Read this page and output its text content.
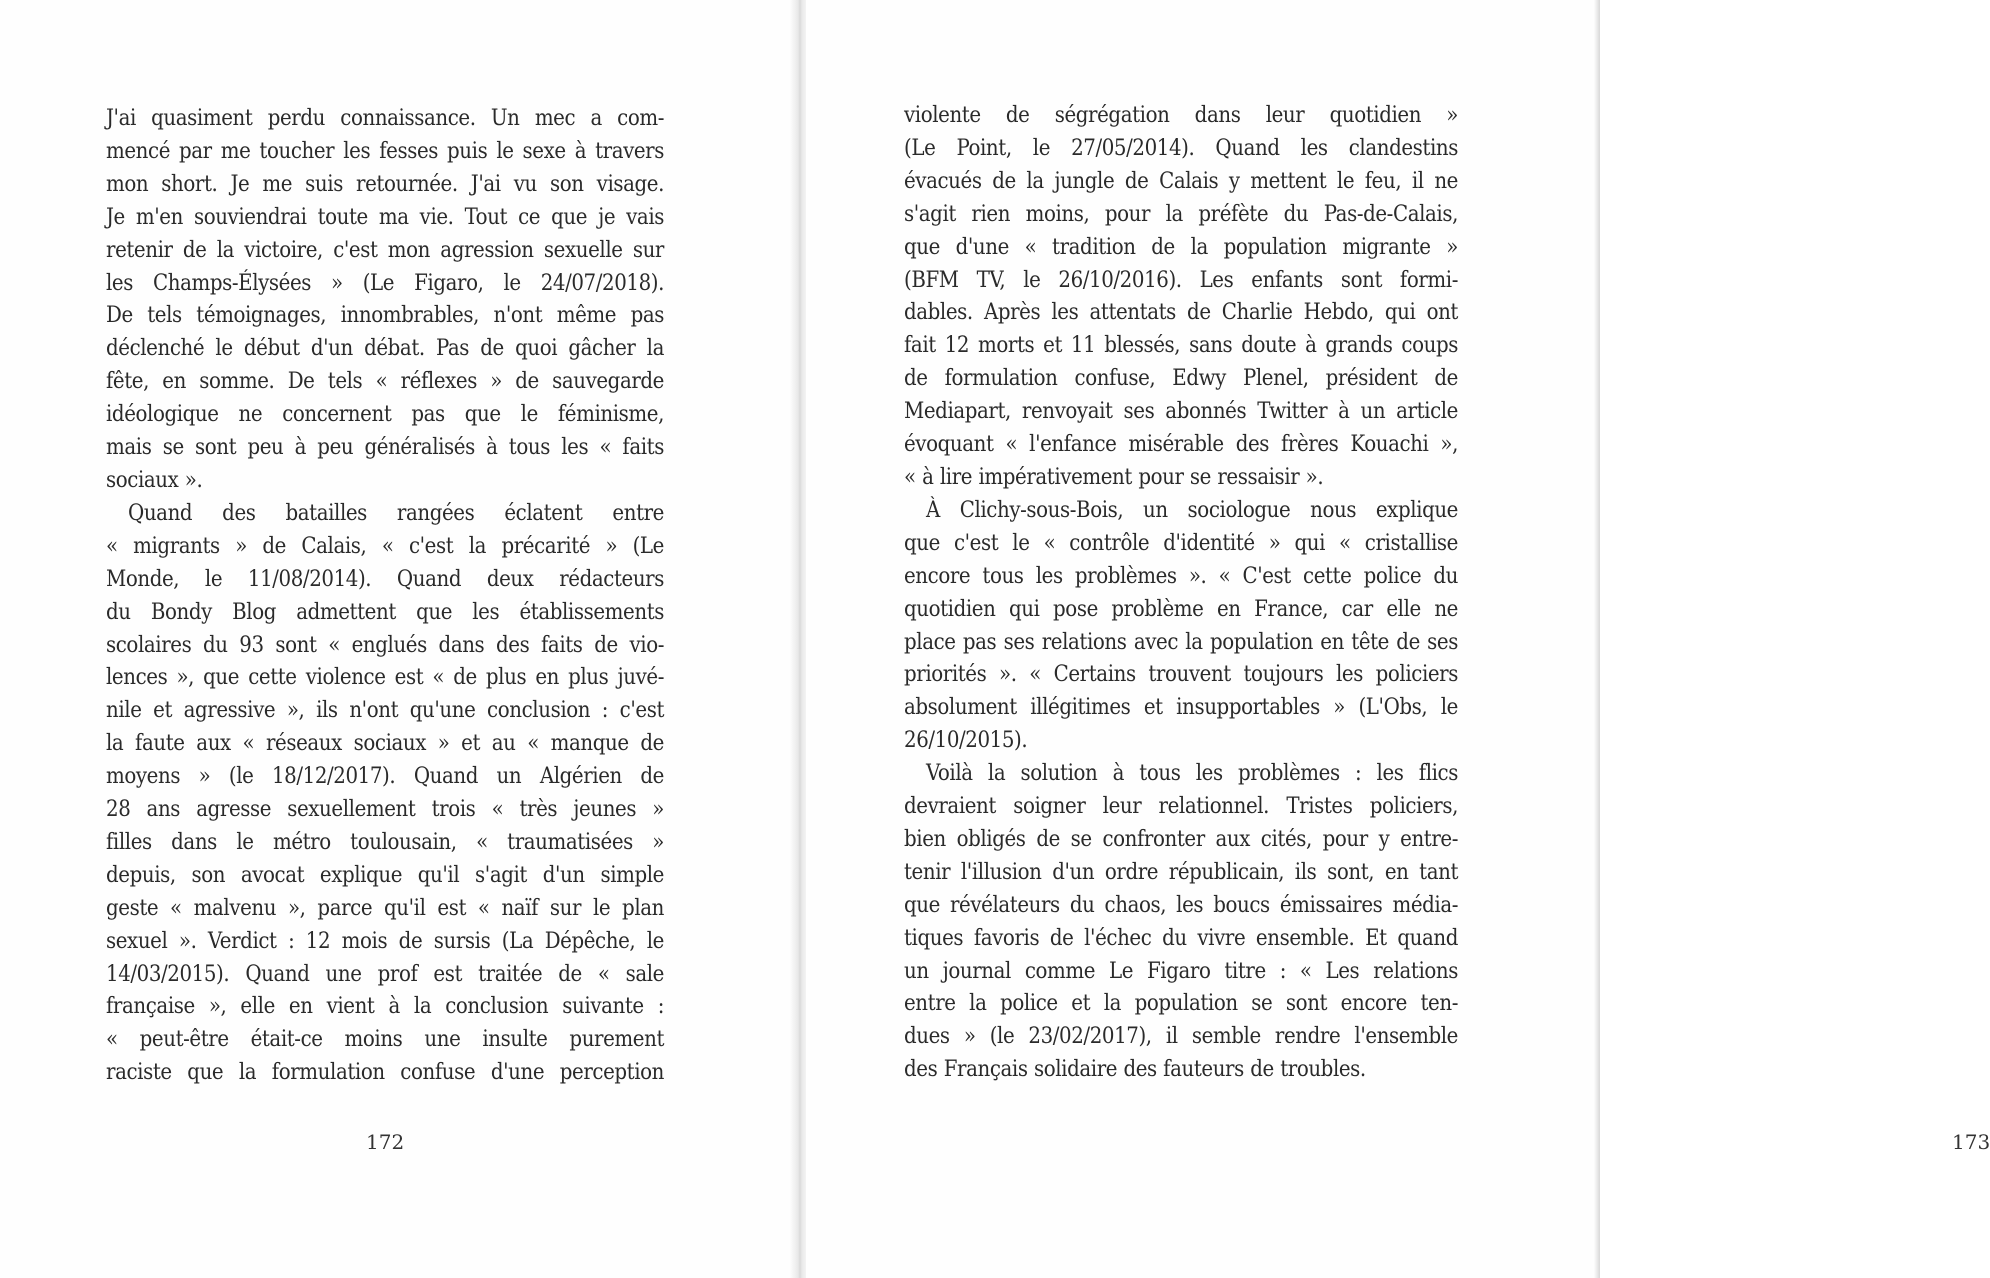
J'ai quasiment perdu connaissance. Un mec a com-
mencé par me toucher les fesses puis le sexe à travers
mon short. Je me suis retournée. J'ai vu son visage.
Je m'en souviendrai toute ma vie. Tout ce que je vais
retenir de la victoire, c'est mon agression sexuelle sur
les Champs-Élysées » (Le Figaro, le 24/07/2018).
De tels témoignages, innombrables, n'ont même pas
déclenché le début d'un débat. Pas de quoi gâcher la
fête, en somme. De tels « réflexes » de sauvegarde
idéologique ne concernent pas que le féminisme,
mais se sont peu à peu généralisés à tous les « faits
sociaux ».
Quand des batailles rangées éclatent entre
« migrants » de Calais, « c'est la précarité » (Le
Monde, le 11/08/2014). Quand deux rédacteurs
du Bondy Blog admettent que les établissements
scolaires du 93 sont « englués dans des faits de vio-
lences », que cette violence est « de plus en plus juvé-
nile et agressive », ils n'ont qu'une conclusion : c'est
la faute aux « réseaux sociaux » et au « manque de
moyens » (le 18/12/2017). Quand un Algérien de
28 ans agresse sexuellement trois « très jeunes »
filles dans le métro toulousain, « traumatisées »
depuis, son avocat explique qu'il s'agit d'un simple
geste « malvenu », parce qu'il est « naïf sur le plan
sexuel ». Verdict : 12 mois de sursis (La Dépêche, le
14/03/2015). Quand une prof est traitée de « sale
française », elle en vient à la conclusion suivante :
« peut-être était-ce moins une insulte purement
raciste que la formulation confuse d'une perception
172	173
violente de ségrégation dans leur quotidien »
(Le Point, le 27/05/2014). Quand les clandestins
évacués de la jungle de Calais y mettent le feu, il ne
s'agit rien moins, pour la préfète du Pas-de-Calais,
que d'une « tradition de la population migrante »
(BFM TV, le 26/10/2016). Les enfants sont formi-
dables. Après les attentats de Charlie Hebdo, qui ont
fait 12 morts et 11 blessés, sans doute à grands coups
de formulation confuse, Edwy Plenel, président de
Mediapart, renvoyait ses abonnés Twitter à un article
évoquant « l'enfance misérable des frères Kouachi »,
« à lire impérativement pour se ressaisir ».
À Clichy-sous-Bois, un sociologue nous explique
que c'est le « contrôle d'identité » qui « cristallise
encore tous les problèmes ». « C'est cette police du
quotidien qui pose problème en France, car elle ne
place pas ses relations avec la population en tête de ses
priorités ». « Certains trouvent toujours les policiers
absolument illégitimes et insupportables » (L'Obs, le
26/10/2015).
Voilà la solution à tous les problèmes : les flics
devraient soigner leur relationnel. Tristes policiers,
bien obligés de se confronter aux cités, pour y entre-
tenir l'illusion d'un ordre républicain, ils sont, en tant
que révélateurs du chaos, les boucs émissaires média-
tiques favoris de l'échec du vivre ensemble. Et quand
un journal comme Le Figaro titre : « Les relations
entre la police et la population se sont encore ten-
dues » (le 23/02/2017), il semble rendre l'ensemble
des Français solidaire des fauteurs de troubles.
